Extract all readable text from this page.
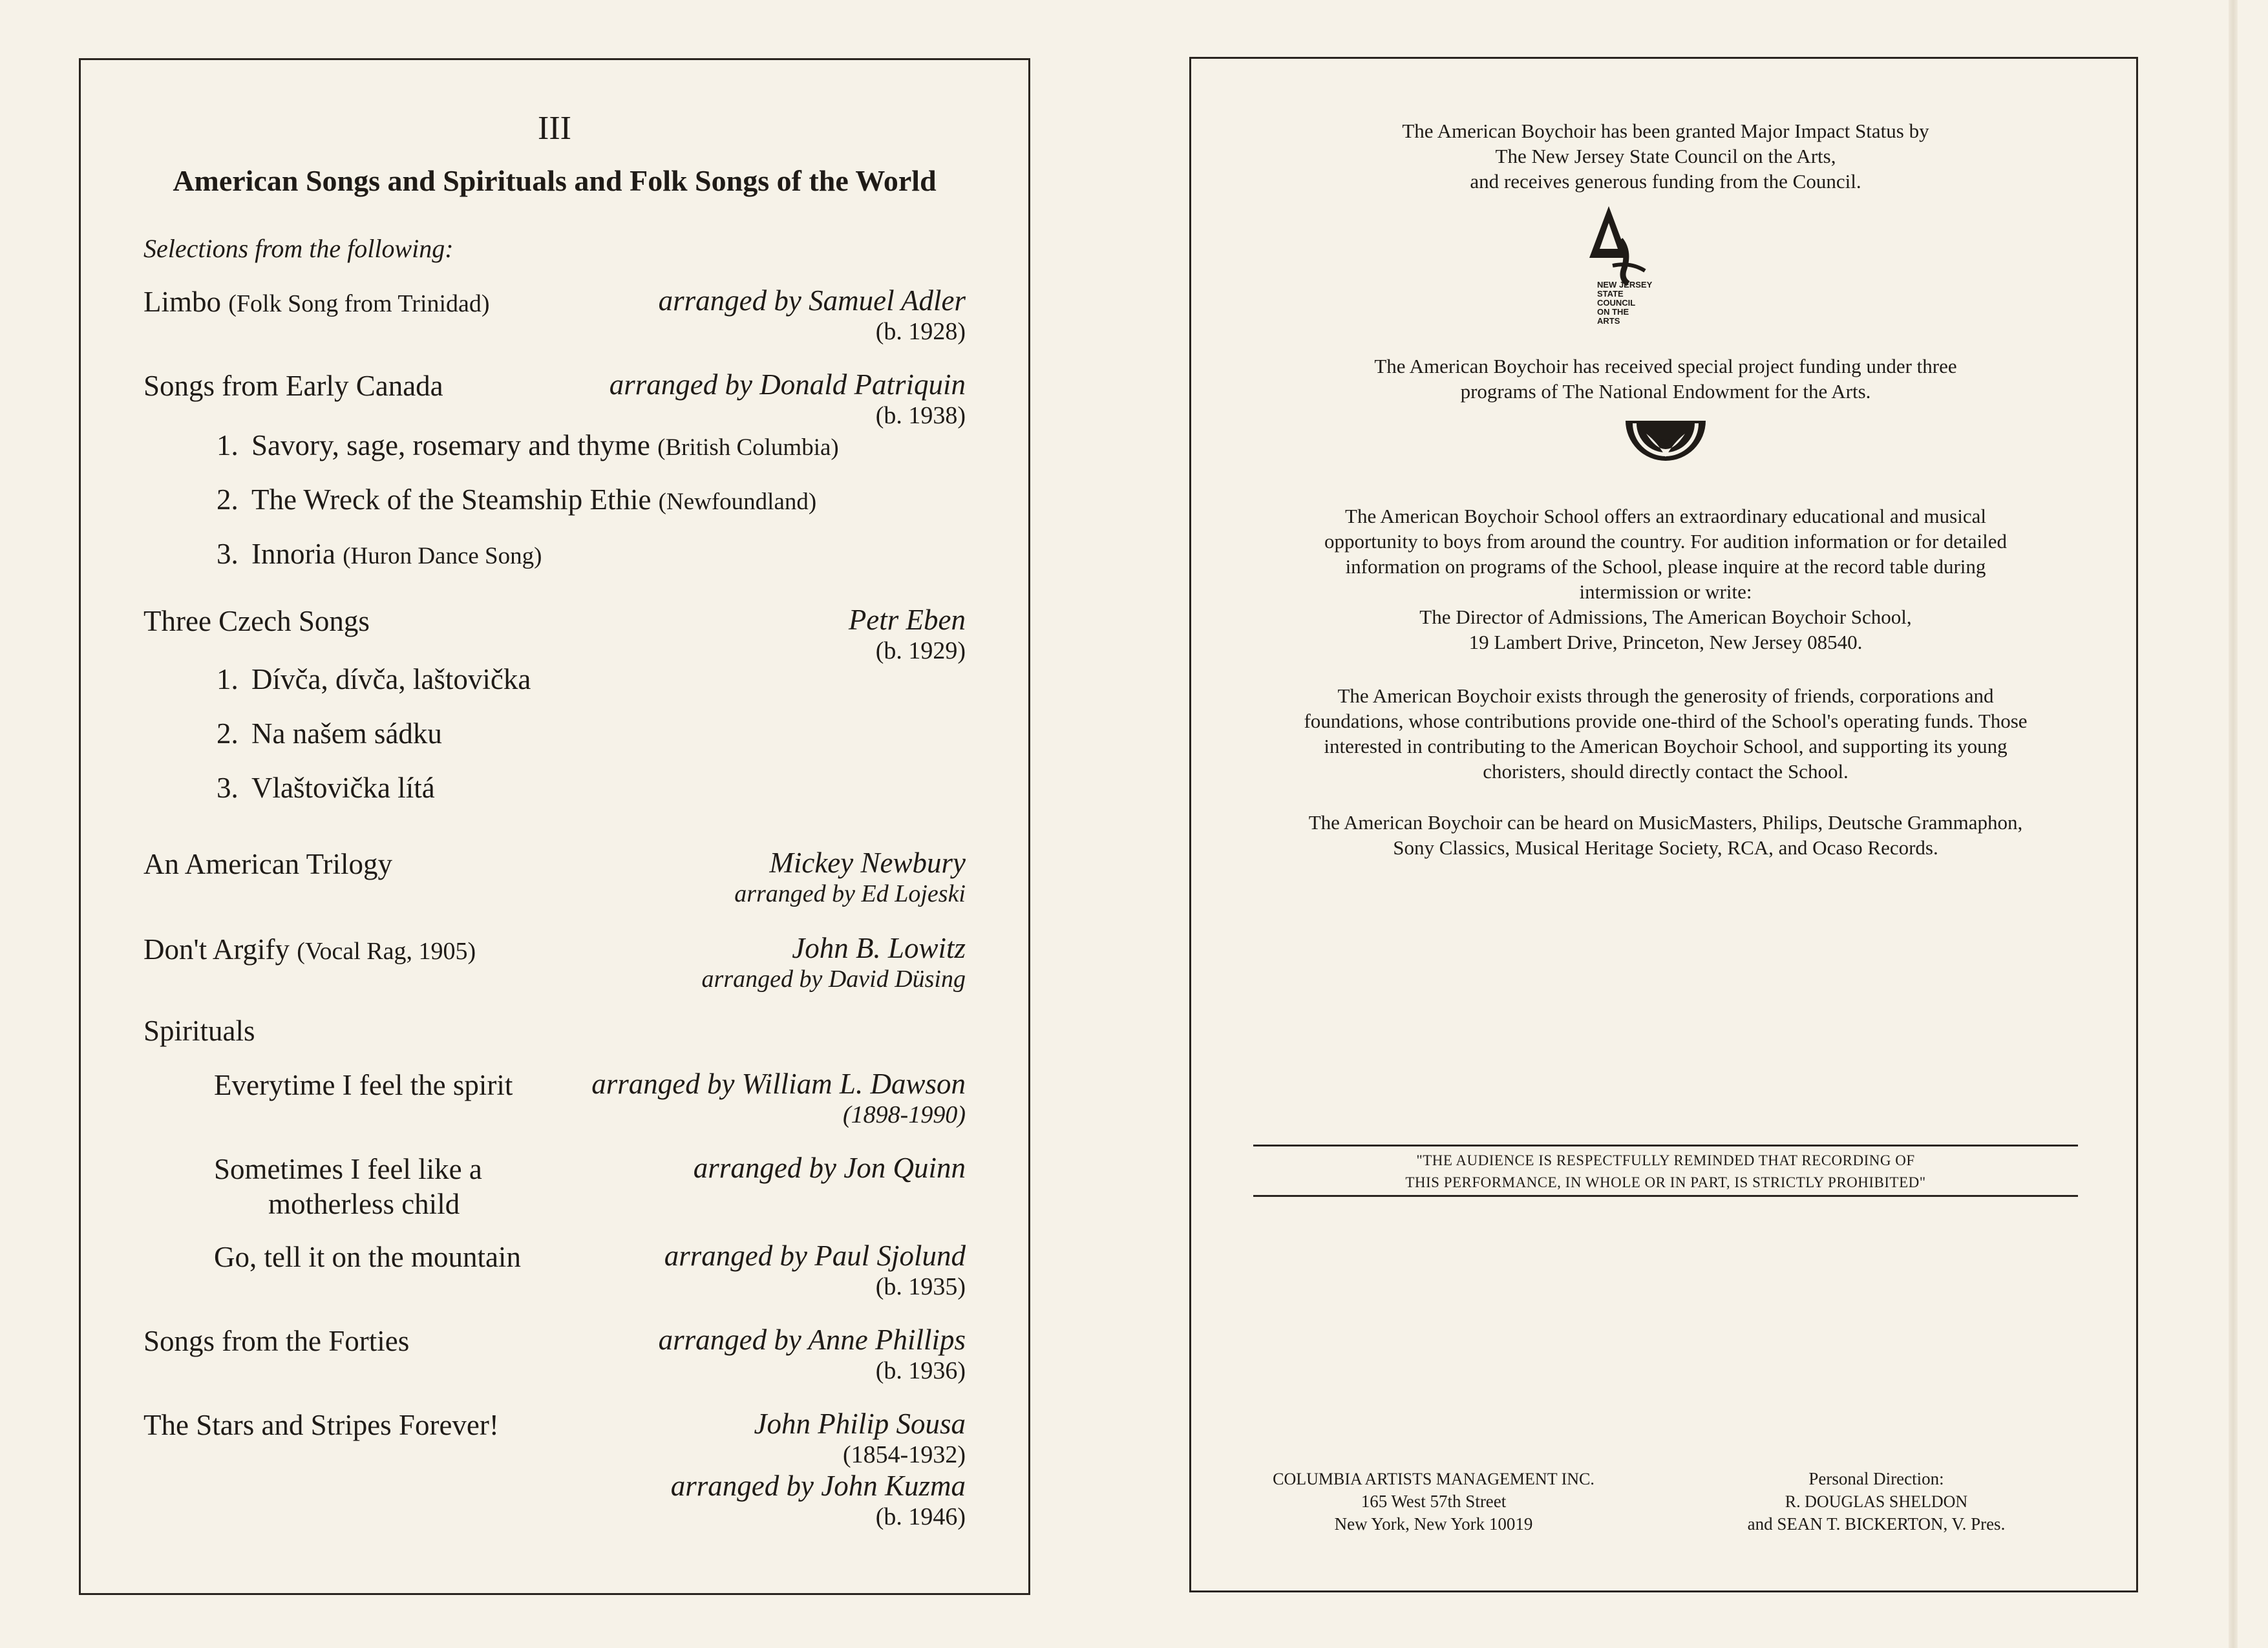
III
American Songs and Spirituals and Folk Songs of the World
Selections from the following:
Limbo (Folk Song from Trinidad)	arranged by Samuel Adler
(b. 1928)
Songs from Early Canada	arranged by Donald Patriquin
(b. 1938)
1. Savory, sage, rosemary and thyme (British Columbia)
2. The Wreck of the Steamship Ethie (Newfoundland)
3. Innoria (Huron Dance Song)
Three Czech Songs	Petr Eben
(b. 1929)
1. Dívča, dívča, laštovička
2. Na našem sádku
3. Vlaštovička lítá
An American Trilogy	Mickey Newbury
arranged by Ed Lojeski
Don't Argify (Vocal Rag, 1905)	John B. Lowitz
arranged by David Düsing
Spirituals
Everytime I feel the spirit	arranged by William L. Dawson
(1898-1990)
Sometimes I feel like a
motherless child
arranged by Jon Quinn
Go, tell it on the mountain	arranged by Paul Sjolund
(b. 1935)
Songs from the Forties	arranged by Anne Phillips
(b. 1936)
The Stars and Stripes Forever!	John Philip Sousa
(1854-1932)
arranged by John Kuzma
(b. 1946)
The American Boychoir has been granted Major Impact Status by
The New Jersey State Council on the Arts,
and receives generous funding from the Council.
NEW JERSEY
STATE
COUNCIL
ON THE
ARTS
The American Boychoir has received special project funding under three
programs of The National Endowment for the Arts.
The American Boychoir School offers an extraordinary educational and musical
opportunity to boys from around the country. For audition information or for detailed
information on programs of the School, please inquire at the record table during
intermission or write:
The Director of Admissions, The American Boychoir School,
19 Lambert Drive, Princeton, New Jersey 08540.
The American Boychoir exists through the generosity of friends, corporations and
foundations, whose contributions provide one-third of the School's operating funds. Those
interested in contributing to the American Boychoir School, and supporting its young
choristers, should directly contact the School.
The American Boychoir can be heard on MusicMasters, Philips, Deutsche Grammaphon,
Sony Classics, Musical Heritage Society, RCA, and Ocaso Records.
"THE AUDIENCE IS RESPECTFULLY REMINDED THAT RECORDING OF
THIS PERFORMANCE, IN WHOLE OR IN PART, IS STRICTLY PROHIBITED"
COLUMBIA ARTISTS MANAGEMENT INC.
165 West 57th Street
New York, New York 10019
Personal Direction:
R. DOUGLAS SHELDON
and SEAN T. BICKERTON, V. Pres.
